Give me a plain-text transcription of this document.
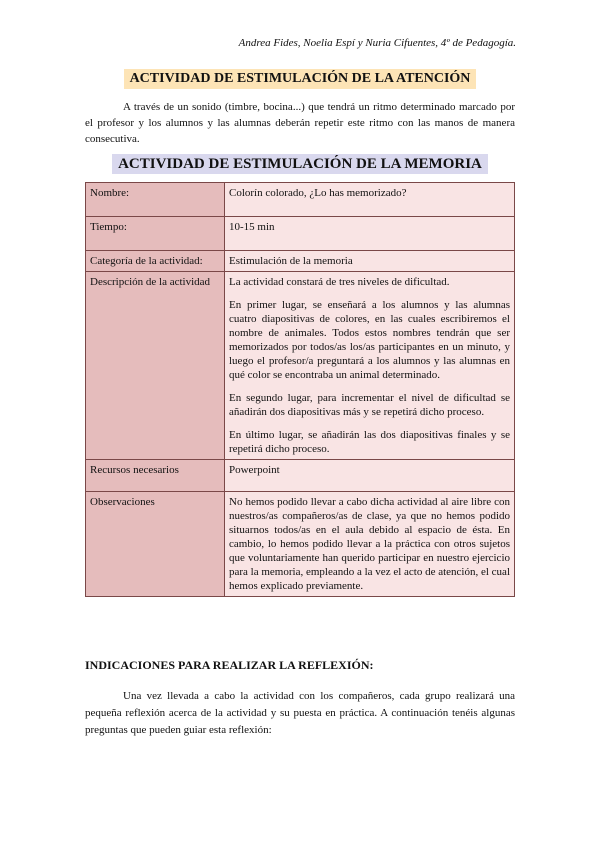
Andrea Fides, Noelia Espí y Nuria Cifuentes, 4º de Pedagogía.
ACTIVIDAD DE ESTIMULACIÓN DE LA ATENCIÓN
A través de un sonido (timbre, bocina...) que tendrá un ritmo determinado marcado por el profesor y los alumnos y las alumnas deberán repetir este ritmo con las manos de manera consecutiva.
ACTIVIDAD DE ESTIMULACIÓN DE LA MEMORIA
Nombre:	Colorín colorado, ¿Lo has memorizado?
Tiempo:	10-15 min
Categoría de la actividad:	Estimulación de la memoria
Descripción de la actividad	La actividad constará de tres niveles de dificultad.

En primer lugar, se enseñará a los alumnos y las alumnas cuatro diapositivas de colores, en las cuales escribiremos el nombre de animales. Todos estos nombres tendrán que ser memorizados por todos/as los/as participantes en un minuto, y luego el profesor/a preguntará a los alumnos y las alumnas en qué color se encontraba un animal determinado.

En segundo lugar, para incrementar el nivel de dificultad se añadirán dos diapositivas más y se repetirá dicho proceso.

En último lugar, se añadirán las dos diapositivas finales y se repetirá dicho proceso.

Recursos necesarios	Powerpoint
Observaciones	No hemos podido llevar a cabo dicha actividad al aire libre con nuestros/as compañeros/as de clase, ya que no hemos podido situarnos todos/as en el aula debido al espacio de ésta. En cambio, lo hemos podido llevar a la práctica con otros sujetos que voluntariamente han querido participar en nuestro ejercicio para la memoria, empleando a la vez el acto de atención, el cual hemos explicado previamente.
INDICACIONES PARA REALIZAR LA REFLEXIÓN:
Una vez llevada a cabo la actividad con los compañeros, cada grupo realizará una pequeña reflexión acerca de la actividad y su puesta en práctica. A continuación tenéis algunas preguntas que pueden guiar esta reflexión:
